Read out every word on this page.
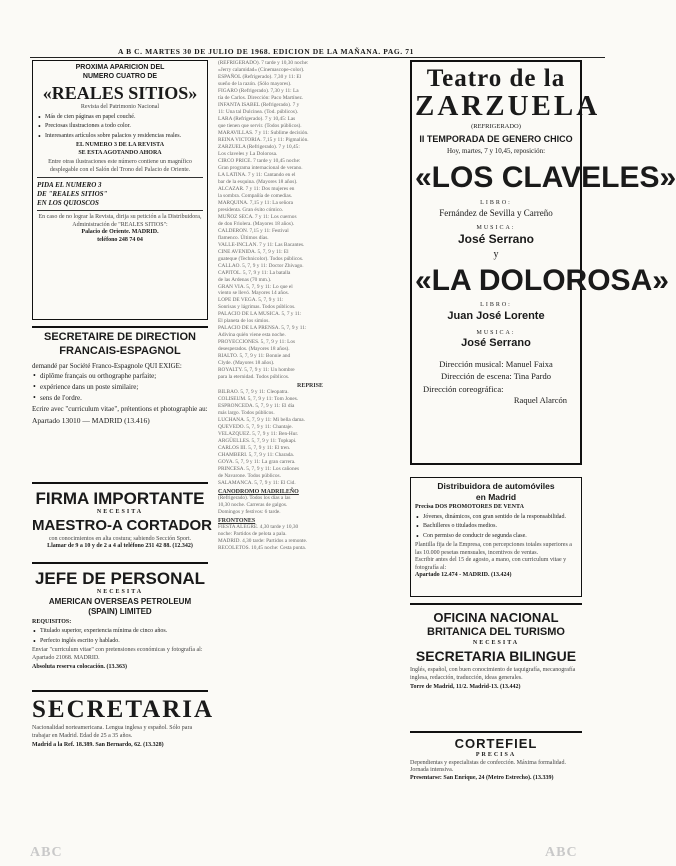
A B C. MARTES 30 DE JULIO DE 1968. EDICION DE LA MAÑANA. PAG. 71
PROXIMA APARICION DEL
NUMERO CUATRO DE
«REALES SITIOS»
Revista del Patrimonio Nacional
• Más de cien páginas en papel couché.
• Preciosas ilustraciones a todo color.
• Interesantes artículos sobre palacios y residencias reales.
EL NUMERO 3 DE LA REVISTA
SE ESTA AGOTANDO AHORA
Entre otras ilustraciones este número contiene un magnífico desplegable con el Salón del Trono del Palacio de Oriente.
PIDA EL NUMERO 3
DE "REALES SITIOS"
EN LOS QUIOSCOS
En caso de no lograr la Revista, dirija su petición a la Distribuidora, Administración de "REALES SITIOS":
Palacio de Oriente. MADRID.
teléfono 248 74 04
SECRETAIRE DE DIRECTION
FRANCAIS-ESPAGNOL
demandé par Société Franco-Espagnole QUI EXIGE:
• diplôme français ou orthographe parfaite;
• expérience dans un poste similaire;
• sens de l'ordre.
Ecrire avec "curriculum vitae", prétentions et photographie au:
Apartado 13010 — MADRID (13.416)
FIRMA IMPORTANTE
NECESITA
MAESTRO-A CORTADOR
con conocimientos en alta costura; sabiendo Sección Sport.
Llamar de 9 a 10 y de 2 a 4 al teléfono 231 42 88. (12.342)
JEFE DE PERSONAL
NECESITA
AMERICAN OVERSEAS PETROLEUM
(SPAIN) LIMITED
REQUISITOS:
• Titulado superior, experiencia mínima de cinco años.
• Perfecto inglés escrito y hablado.
Enviar "curriculum vitae" con pretensiones económicas y fotografía al: Apartado 21068. MADRID.
Absoluta reserva colocación. (13.363)
SECRETARIA
Nacionalidad norteamericana. Lengua inglesa y español. Sólo para trabajar en Madrid. Edad de 25 a 35 años.
Madrid a la Ref. 18.389. San Bernardo, 62. (13.328)
(REFRIGERADO). 7 tarde y 10,30 noche:
«Jerry calamidad» (Cinemascope-color).
ESPAÑOL (Refrigerado). 7,30 y 11: El
sueño de la razón. (Sólo mayores).
FIGARO (Refrigerado). 7,30 y 11: La
tía de Carlos. Dirección: Paco Martínez.
INFANTA ISABEL (Refrigerado). 7 y
11: Una tal Dulcinea. (Tod. públicos).
LARA (Refrigerado). 7 y 10,45: Las
que tienen que servir. (Todos públicos).
MARAVILLAS. 7 y 11: Sublime decisión.
REINA VICTORIA. 7,15 y 11: Pigmalión.
ZARZUELA (Refrigerado). 7 y 10,45:
Los claveles y La Dolorosa.
CIRCO PRICE. 7 tarde y 10,45 noche:
Gran programa internacional de verano.
LA LATINA. 7 y 11: Cantando en el
bar de la esquina. (Mayores 18 años).
ALCAZAR. 7 y 11: Dos mujeres en
la sombra. Compañía de comedias.
MARQUINA. 7,15 y 11: La señora
presidenta. Gran éxito cómico.
MUÑOZ SECA. 7 y 11: Los cuernos
de don Friolera. (Mayores 18 años).
CALDERON. 7,15 y 11: Festival
flamenco. Últimos días.
VALLE-INCLAN. 7 y 11: Las Bacantes.
CINE AVENIDA. 5, 7, 9 y 11: El
guateque (Technicolor). Todos públicos.
CALLAO. 5, 7, 9 y 11: Doctor Zhivago.
CAPITOL. 5, 7, 9 y 11: La batalla
de las Ardenas (70 mm.).
GRAN VIA. 5, 7, 9 y 11: Lo que el
viento se llevó. Mayores 14 años.
LOPE DE VEGA. 5, 7, 9 y 11:
Sonrisas y lágrimas. Todos públicos.
PALACIO DE LA MUSICA. 5, 7 y 11:
El planeta de los simios.
PALACIO DE LA PRENSA. 5, 7, 9 y 11:
Adivina quién viene esta noche.
PROYECCIONES. 5, 7, 9 y 11: Los
desesperados. (Mayores 18 años).
RIALTO. 5, 7, 9 y 11: Bonnie and
Clyde. (Mayores 18 años).
ROYALTY. 5, 7, 9 y 11: Un hombre
para la eternidad. Todos públicos.
REPRISE
BILBAO. 5, 7, 9 y 11: Cleopatra.
COLISEUM. 5, 7, 9 y 11: Tom Jones.
ESPRONCEDA. 5, 7, 9 y 11: El día
más largo. Todos públicos.
LUCHANA. 5, 7, 9 y 11: Mi bella dama.
QUEVEDO. 5, 7, 9 y 11: Chantaje.
VELAZQUEZ. 5, 7, 9 y 11: Ben-Hur.
ARGÜELLES. 5, 7, 9 y 11: Topkapi.
CARLOS III. 5, 7, 9 y 11: El tren.
CHAMBERI. 5, 7, 9 y 11: Charada.
GOYA. 5, 7, 9 y 11: La gran carrera.
PRINCESA. 5, 7, 9 y 11: Los cañones
de Navarone. Todos públicos.
SALAMANCA. 5, 7, 9 y 11: El Cid.
CANODROMO MADRILEÑO
(Refrigerado). Todos los días a las
10,30 noche. Carreras de galgos.
Domingos y festivos: 6 tarde.
FRONTONES
FIESTA ALEGRE. 4,30 tarde y 10,30
noche: Partidos de pelota a pala.
MADRID. 4,30 tarde: Partidos a remonte.
RECOLETOS. 10,45 noche: Cesta punta.
Teatro de la
ZARZUELA
(REFRIGERADO)
II TEMPORADA DE GENERO CHICO
Hoy, martes, 7 y 10,45, reposición:
«LOS CLAVELES»
LIBRO:
Fernández de Sevilla y Carreño
MUSICA:
José Serrano
y
«LA DOLOROSA»
LIBRO:
Juan José Lorente
MUSICA:
José Serrano
Dirección musical: Manuel Faixa
Dirección de escena: Tina Pardo
Dirección coreográfica:
Raquel Alarcón
Distribuidora de automóviles
en Madrid
Precisa DOS PROMOTORES DE VENTA
• Jóvenes, dinámicos, con gran sentido de la responsabilidad.
• Bachilleres o titulados medios.
• Con permiso de conducir de segunda clase.
Plantilla fija de la Empresa, con percepciones totales superiores a las 10.000 pesetas mensuales, incentivos de ventas.
Escribir antes del 15 de agosto, a mano, con curriculum vitae y fotografía al:
Apartado 12.474 - MADRID. (13.424)
OFICINA NACIONAL
BRITANICA DEL TURISMO
NECESITA
SECRETARIA BILINGUE
Inglés, español, con buen conocimiento de taquigrafía, mecanografía inglesa, redacción, traducción, ideas generales.
Torre de Madrid, 11/2. Madrid-13. (13.442)
CORTEFIEL
PRECISA
Dependientas y especialistas de confección. Máxima formalidad. Jornada intensiva.
Presentarse: San Enrique, 24 (Metro Estrecho). (13.339)
ABC	ABC
